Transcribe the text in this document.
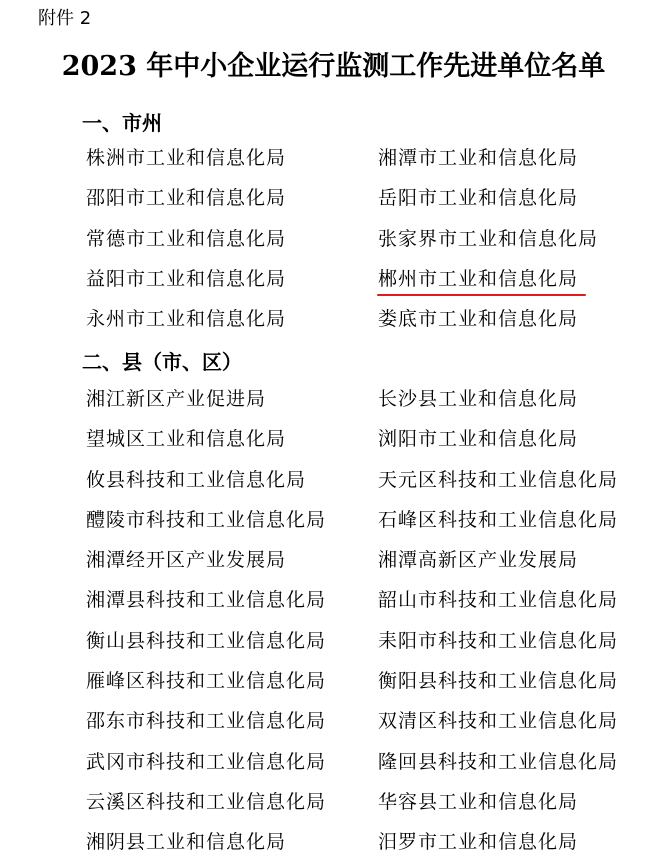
附件 2
2023 年中小企业运行监测工作先进单位名单
一、市州
株洲市工业和信息化局	湘潭市工业和信息化局
邵阳市工业和信息化局	岳阳市工业和信息化局
常德市工业和信息化局	张家界市工业和信息化局
益阳市工业和信息化局	郴州市工业和信息化局
永州市工业和信息化局	娄底市工业和信息化局
二、县（市、区）
湘江新区产业促进局	长沙县工业和信息化局
望城区工业和信息化局	浏阳市工业和信息化局
攸县科技和工业信息化局	天元区科技和工业信息化局
醴陵市科技和工业信息化局	石峰区科技和工业信息化局
湘潭经开区产业发展局	湘潭高新区产业发展局
湘潭县科技和工业信息化局	韶山市科技和工业信息化局
衡山县科技和工业信息化局	耒阳市科技和工业信息化局
雁峰区科技和工业信息化局	衡阳县科技和工业信息化局
邵东市科技和工业信息化局	双清区科技和工业信息化局
武冈市科技和工业信息化局	隆回县科技和工业信息化局
云溪区科技和工业信息化局	华容县工业和信息化局
湘阴县工业和信息化局	汨罗市工业和信息化局
